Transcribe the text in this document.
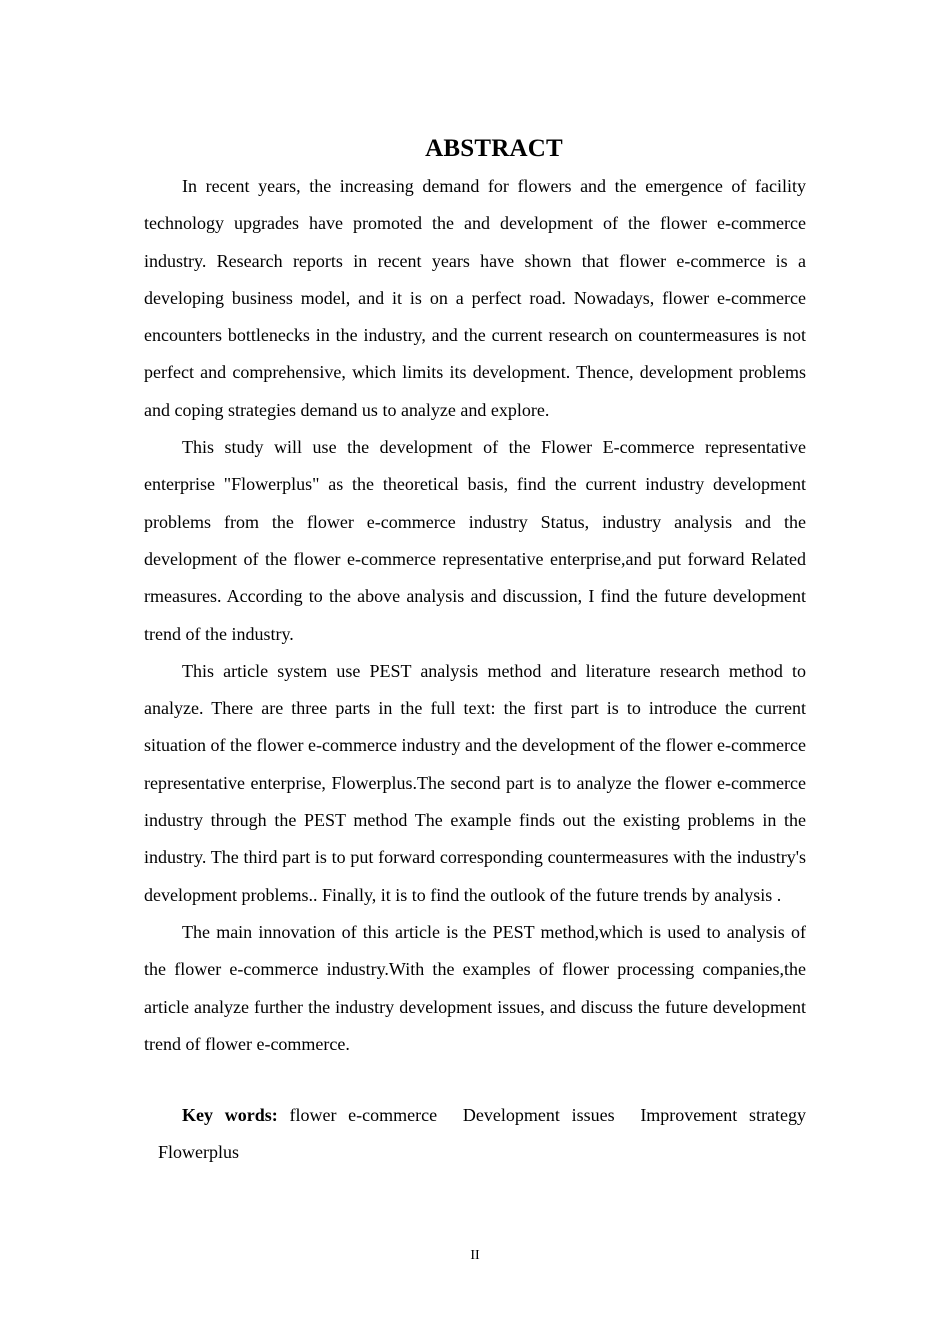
ABSTRACT

In recent years, the increasing demand for flowers and the emergence of facility technology upgrades have promoted the and development of the flower e-commerce industry. Research reports in recent years have shown that flower e-commerce is a developing business model, and it is on a perfect road. Nowadays, flower e-commerce encounters bottlenecks in the industry, and the current research on countermeasures is not perfect and comprehensive, which limits its development. Thence, development problems and coping strategies demand us to analyze and explore.

This study will use the development of the Flower E-commerce representative enterprise "Flowerplus" as the theoretical basis, find the current industry development problems from the flower e-commerce industry Status, industry analysis and the development of the flower e-commerce representative enterprise,and put forward Related rmeasures. According to the above analysis and discussion, I find the future development trend of the industry.

This article system use PEST analysis method and literature research method to analyze. There are three parts in the full text: the first part is to introduce the current situation of the flower e-commerce industry and the development of the flower e-commerce representative enterprise, Flowerplus.The second part is to analyze the flower e-commerce industry through the PEST method The example finds out the existing problems in the industry. The third part is to put forward corresponding countermeasures with the industry's development problems.. Finally, it is to find the outlook of the future trends by analysis .

The main innovation of this article is the PEST method,which is used to analysis of the flower e-commerce industry.With the examples of flower processing companies,the article analyze further the industry development issues, and discuss the future development trend of flower e-commerce.

Key words: flower e-commerce Development issues Improvement strategy Flowerplus

II
